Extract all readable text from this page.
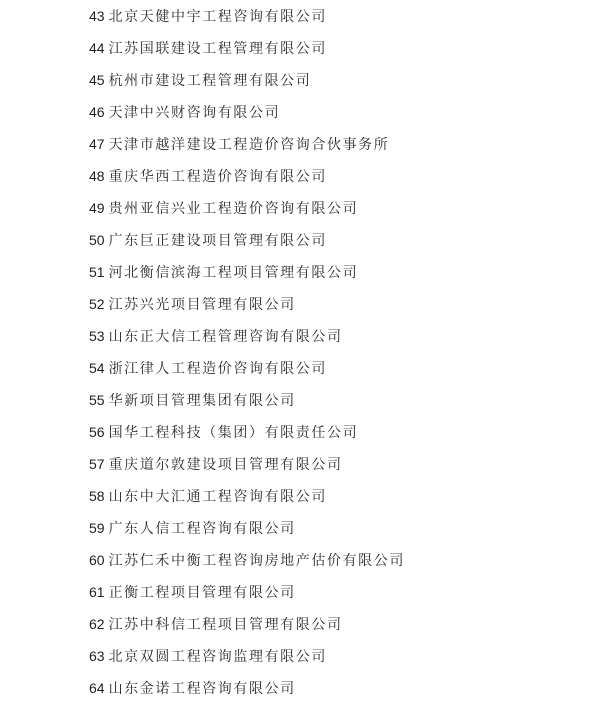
43 北京天健中宇工程咨询有限公司
44 江苏国联建设工程管理有限公司
45 杭州市建设工程管理有限公司
46 天津中兴财咨询有限公司
47 天津市越洋建设工程造价咨询合伙事务所
48 重庆华西工程造价咨询有限公司
49 贵州亚信兴业工程造价咨询有限公司
50 广东巨正建设项目管理有限公司
51 河北衡信滨海工程项目管理有限公司
52 江苏兴光项目管理有限公司
53 山东正大信工程管理咨询有限公司
54 浙江律人工程造价咨询有限公司
55 华新项目管理集团有限公司
56 国华工程科技（集团）有限责任公司
57 重庆道尔敦建设项目管理有限公司
58 山东中大汇通工程咨询有限公司
59 广东人信工程咨询有限公司
60 江苏仁禾中衡工程咨询房地产估价有限公司
61 正衡工程项目管理有限公司
62 江苏中科信工程项目管理有限公司
63 北京双圆工程咨询监理有限公司
64 山东金诺工程咨询有限公司
